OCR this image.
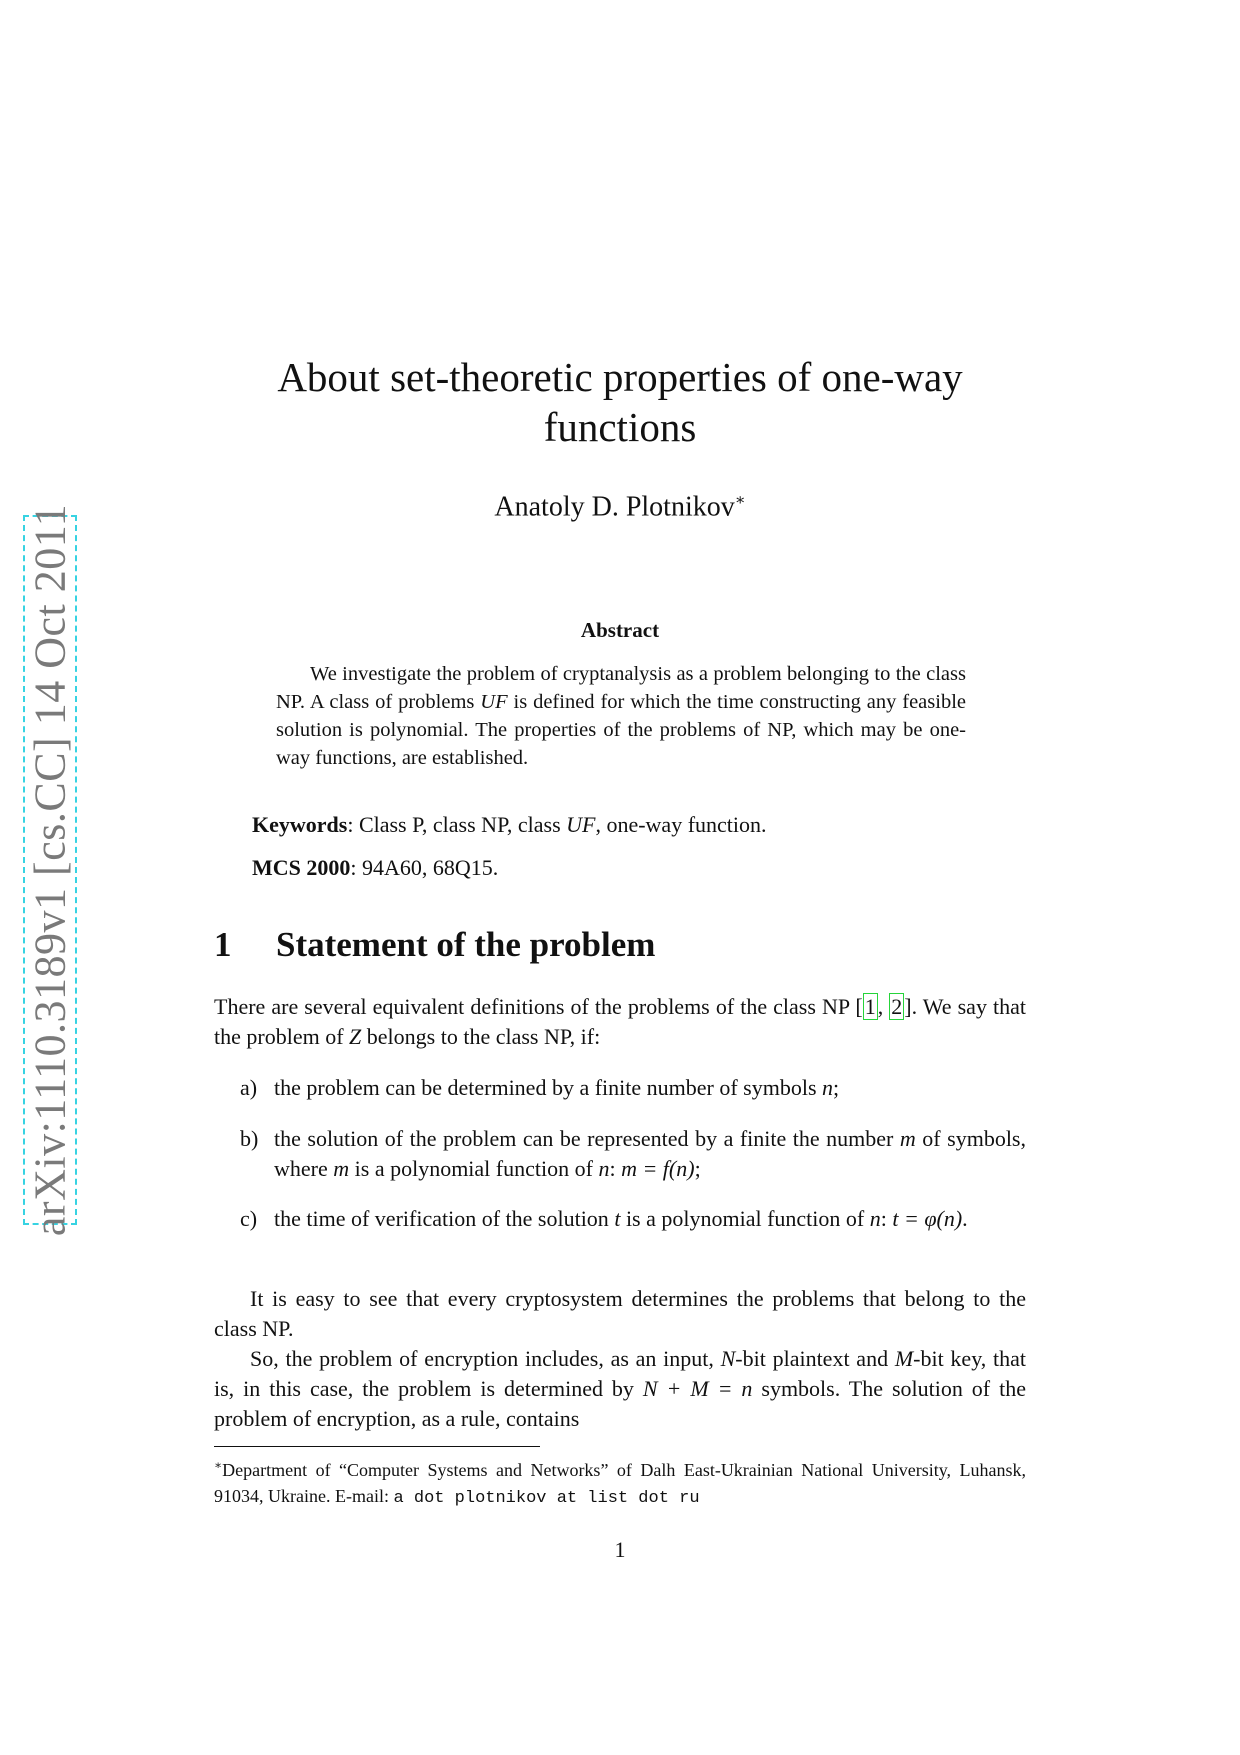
arXiv:1110.3189v1 [cs.CC] 14 Oct 2011
About set-theoretic properties of one-way
functions
Anatoly D. Plotnikov∗
Abstract

We investigate the problem of cryptanalysis as a problem belonging to the class NP. A class of problems UF is defined for which the time constructing any feasible solution is polynomial. The properties of the problems of NP, which may be one-way functions, are established.

Keywords: Class P, class NP, class UF, one-way function.
MCS 2000: 94A60, 68Q15.
1 Statement of the problem

There are several equivalent definitions of the problems of the class NP [1, 2]. We say that the problem of Z belongs to the class NP, if:

a) the problem can be determined by a finite number of symbols n;
b) the solution of the problem can be represented by a finite the number m of symbols, where m is a polynomial function of n: m = f(n);
c) the time of verification of the solution t is a polynomial function of n: t = φ(n).

It is easy to see that every cryptosystem determines the problems that belong to the class NP.

So, the problem of encryption includes, as an input, N-bit plaintext and M-bit key, that is, in this case, the problem is determined by N + M = n symbols. The solution of the problem of encryption, as a rule, contains

∗Department of “Computer Systems and Networks” of Dalh East-Ukrainian National University, Luhansk, 91034, Ukraine. E-mail: a dot plotnikov at list dot ru
1
